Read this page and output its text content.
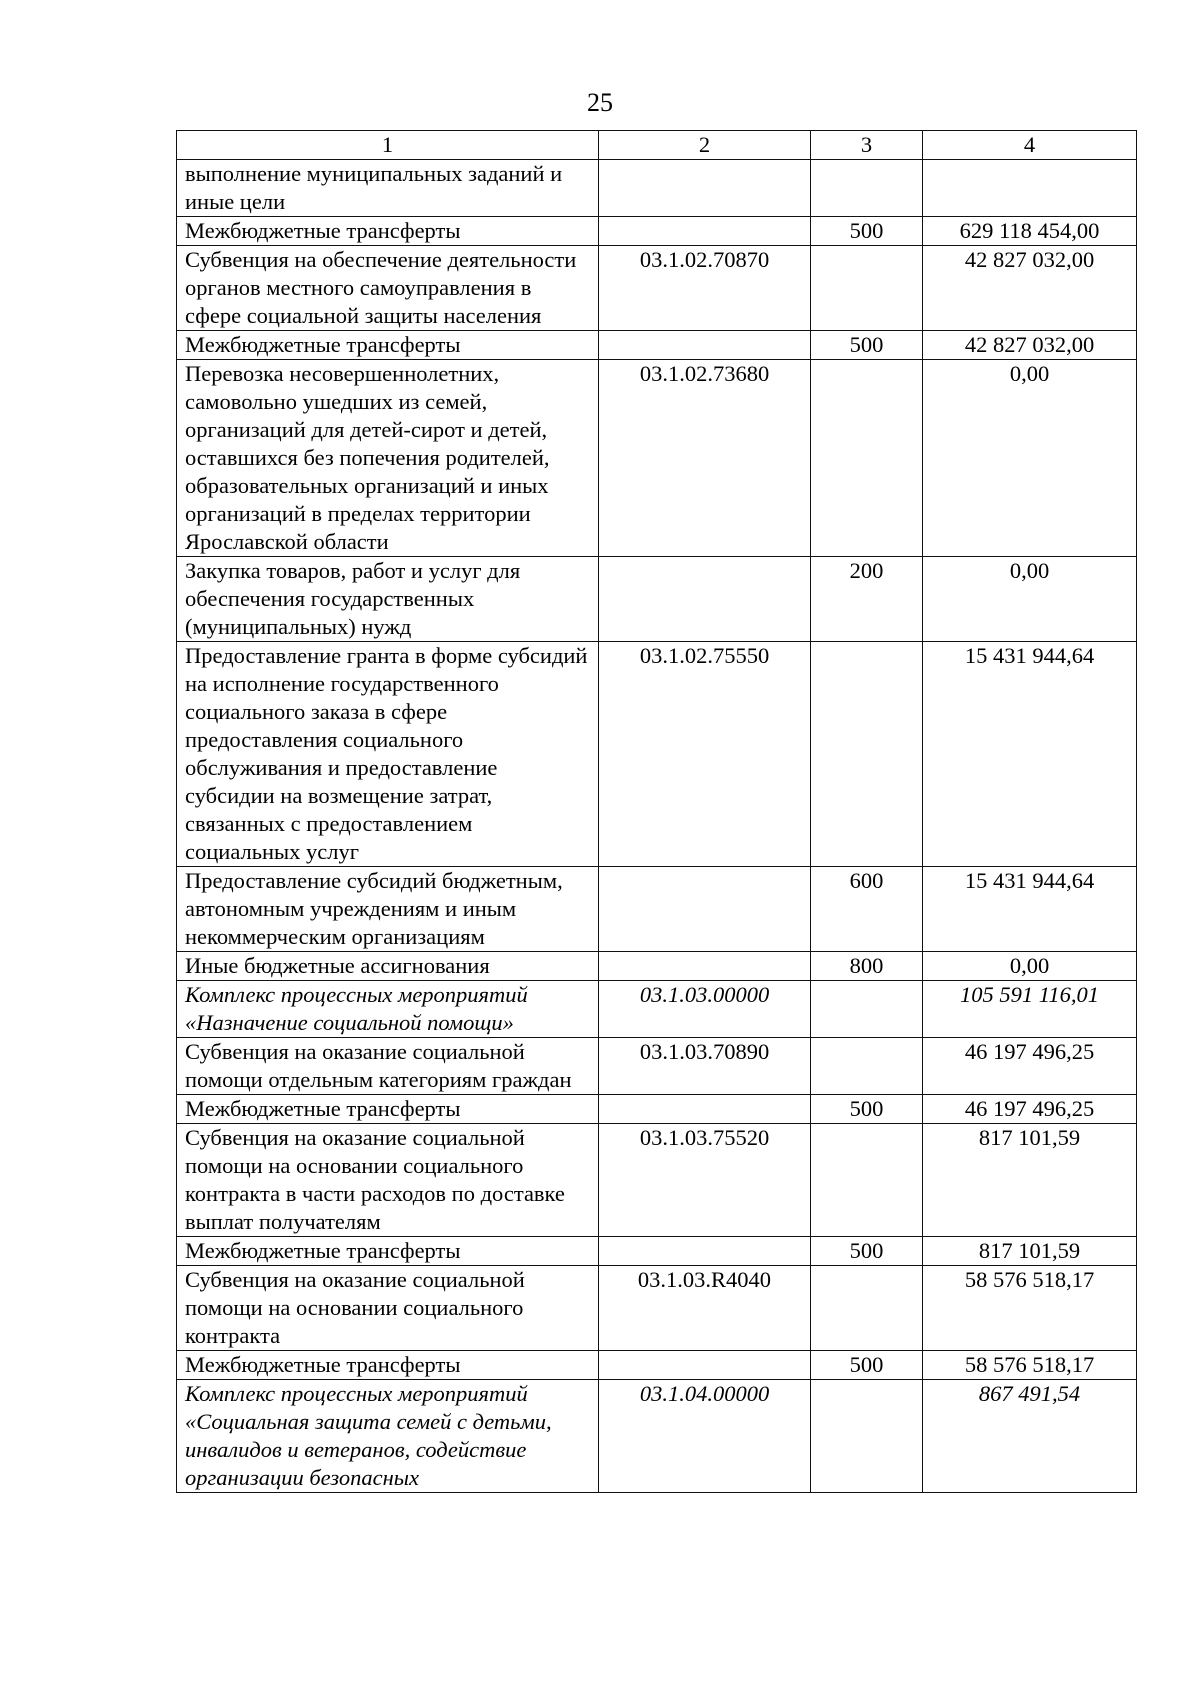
25
1	2	3	4
выполнение муниципальных заданий и иные цели			
Межбюджетные трансферты		500	629 118 454,00
Субвенция на обеспечение деятельности органов местного самоуправления в сфере социальной защиты населения	03.1.02.70870		42 827 032,00
Межбюджетные трансферты		500	42 827 032,00
Перевозка несовершеннолетних, самовольно ушедших из семей, организаций для детей-сирот и детей, оставшихся без попечения родителей, образовательных организаций и иных организаций в пределах территории Ярославской области	03.1.02.73680		0,00
Закупка товаров, работ и услуг для обеспечения государственных (муниципальных) нужд		200	0,00
Предоставление гранта в форме субсидий на исполнение государственного социального заказа в сфере предоставления социального обслуживания и предоставление субсидии на возмещение затрат, связанных с предоставлением социальных услуг	03.1.02.75550		15 431 944,64
Предоставление субсидий бюджетным, автономным учреждениям и иным некоммерческим организациям		600	15 431 944,64
Иные бюджетные ассигнования		800	0,00
Комплекс процессных мероприятий «Назначение социальной помощи»	03.1.03.00000		105 591 116,01
Субвенция на оказание социальной помощи отдельным категориям граждан	03.1.03.70890		46 197 496,25
Межбюджетные трансферты		500	46 197 496,25
Субвенция на оказание социальной помощи на основании социального контракта в части расходов по доставке выплат получателям	03.1.03.75520		817 101,59
Межбюджетные трансферты		500	817 101,59
Субвенция на оказание социальной помощи на основании социального контракта	03.1.03.R4040		58 576 518,17
Межбюджетные трансферты		500	58 576 518,17
Комплекс процессных мероприятий «Социальная защита семей с детьми, инвалидов и ветеранов, содействие организации безопасных	03.1.04.00000		867 491,54
